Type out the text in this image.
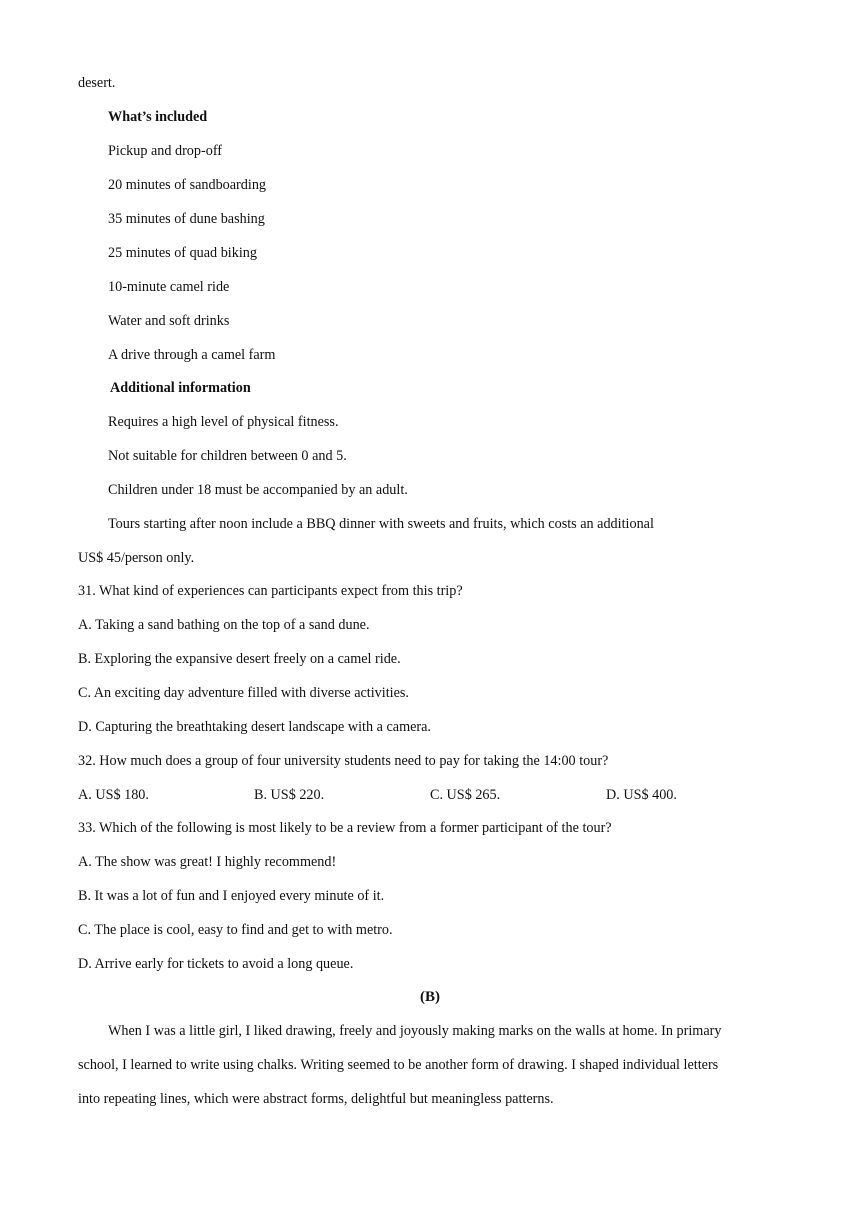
desert.
What’s included
Pickup and drop-off
20 minutes of sandboarding
35 minutes of dune bashing
25 minutes of quad biking
10-minute camel ride
Water and soft drinks
A drive through a camel farm
Additional information
Requires a high level of physical fitness.
Not suitable for children between 0 and 5.
Children under 18 must be accompanied by an adult.
Tours starting after noon include a BBQ dinner with sweets and fruits, which costs an additional
US$ 45/person only.
31. What kind of experiences can participants expect from this trip?
A. Taking a sand bathing on the top of a sand dune.
B. Exploring the expansive desert freely on a camel ride.
C. An exciting day adventure filled with diverse activities.
D. Capturing the breathtaking desert landscape with a camera.
32. How much does a group of four university students need to pay for taking the 14:00 tour?
A. US$ 180.	B. US$ 220.	C. US$ 265.	D. US$ 400.
33. Which of the following is most likely to be a review from a former participant of the tour?
A. The show was great! I highly recommend!
B. It was a lot of fun and I enjoyed every minute of it.
C. The place is cool, easy to find and get to with metro.
D. Arrive early for tickets to avoid a long queue.
(B)
When I was a little girl, I liked drawing, freely and joyously making marks on the walls at home. In primary
school, I learned to write using chalks. Writing seemed to be another form of drawing. I shaped individual letters
into repeating lines, which were abstract forms, delightful but meaningless patterns.
